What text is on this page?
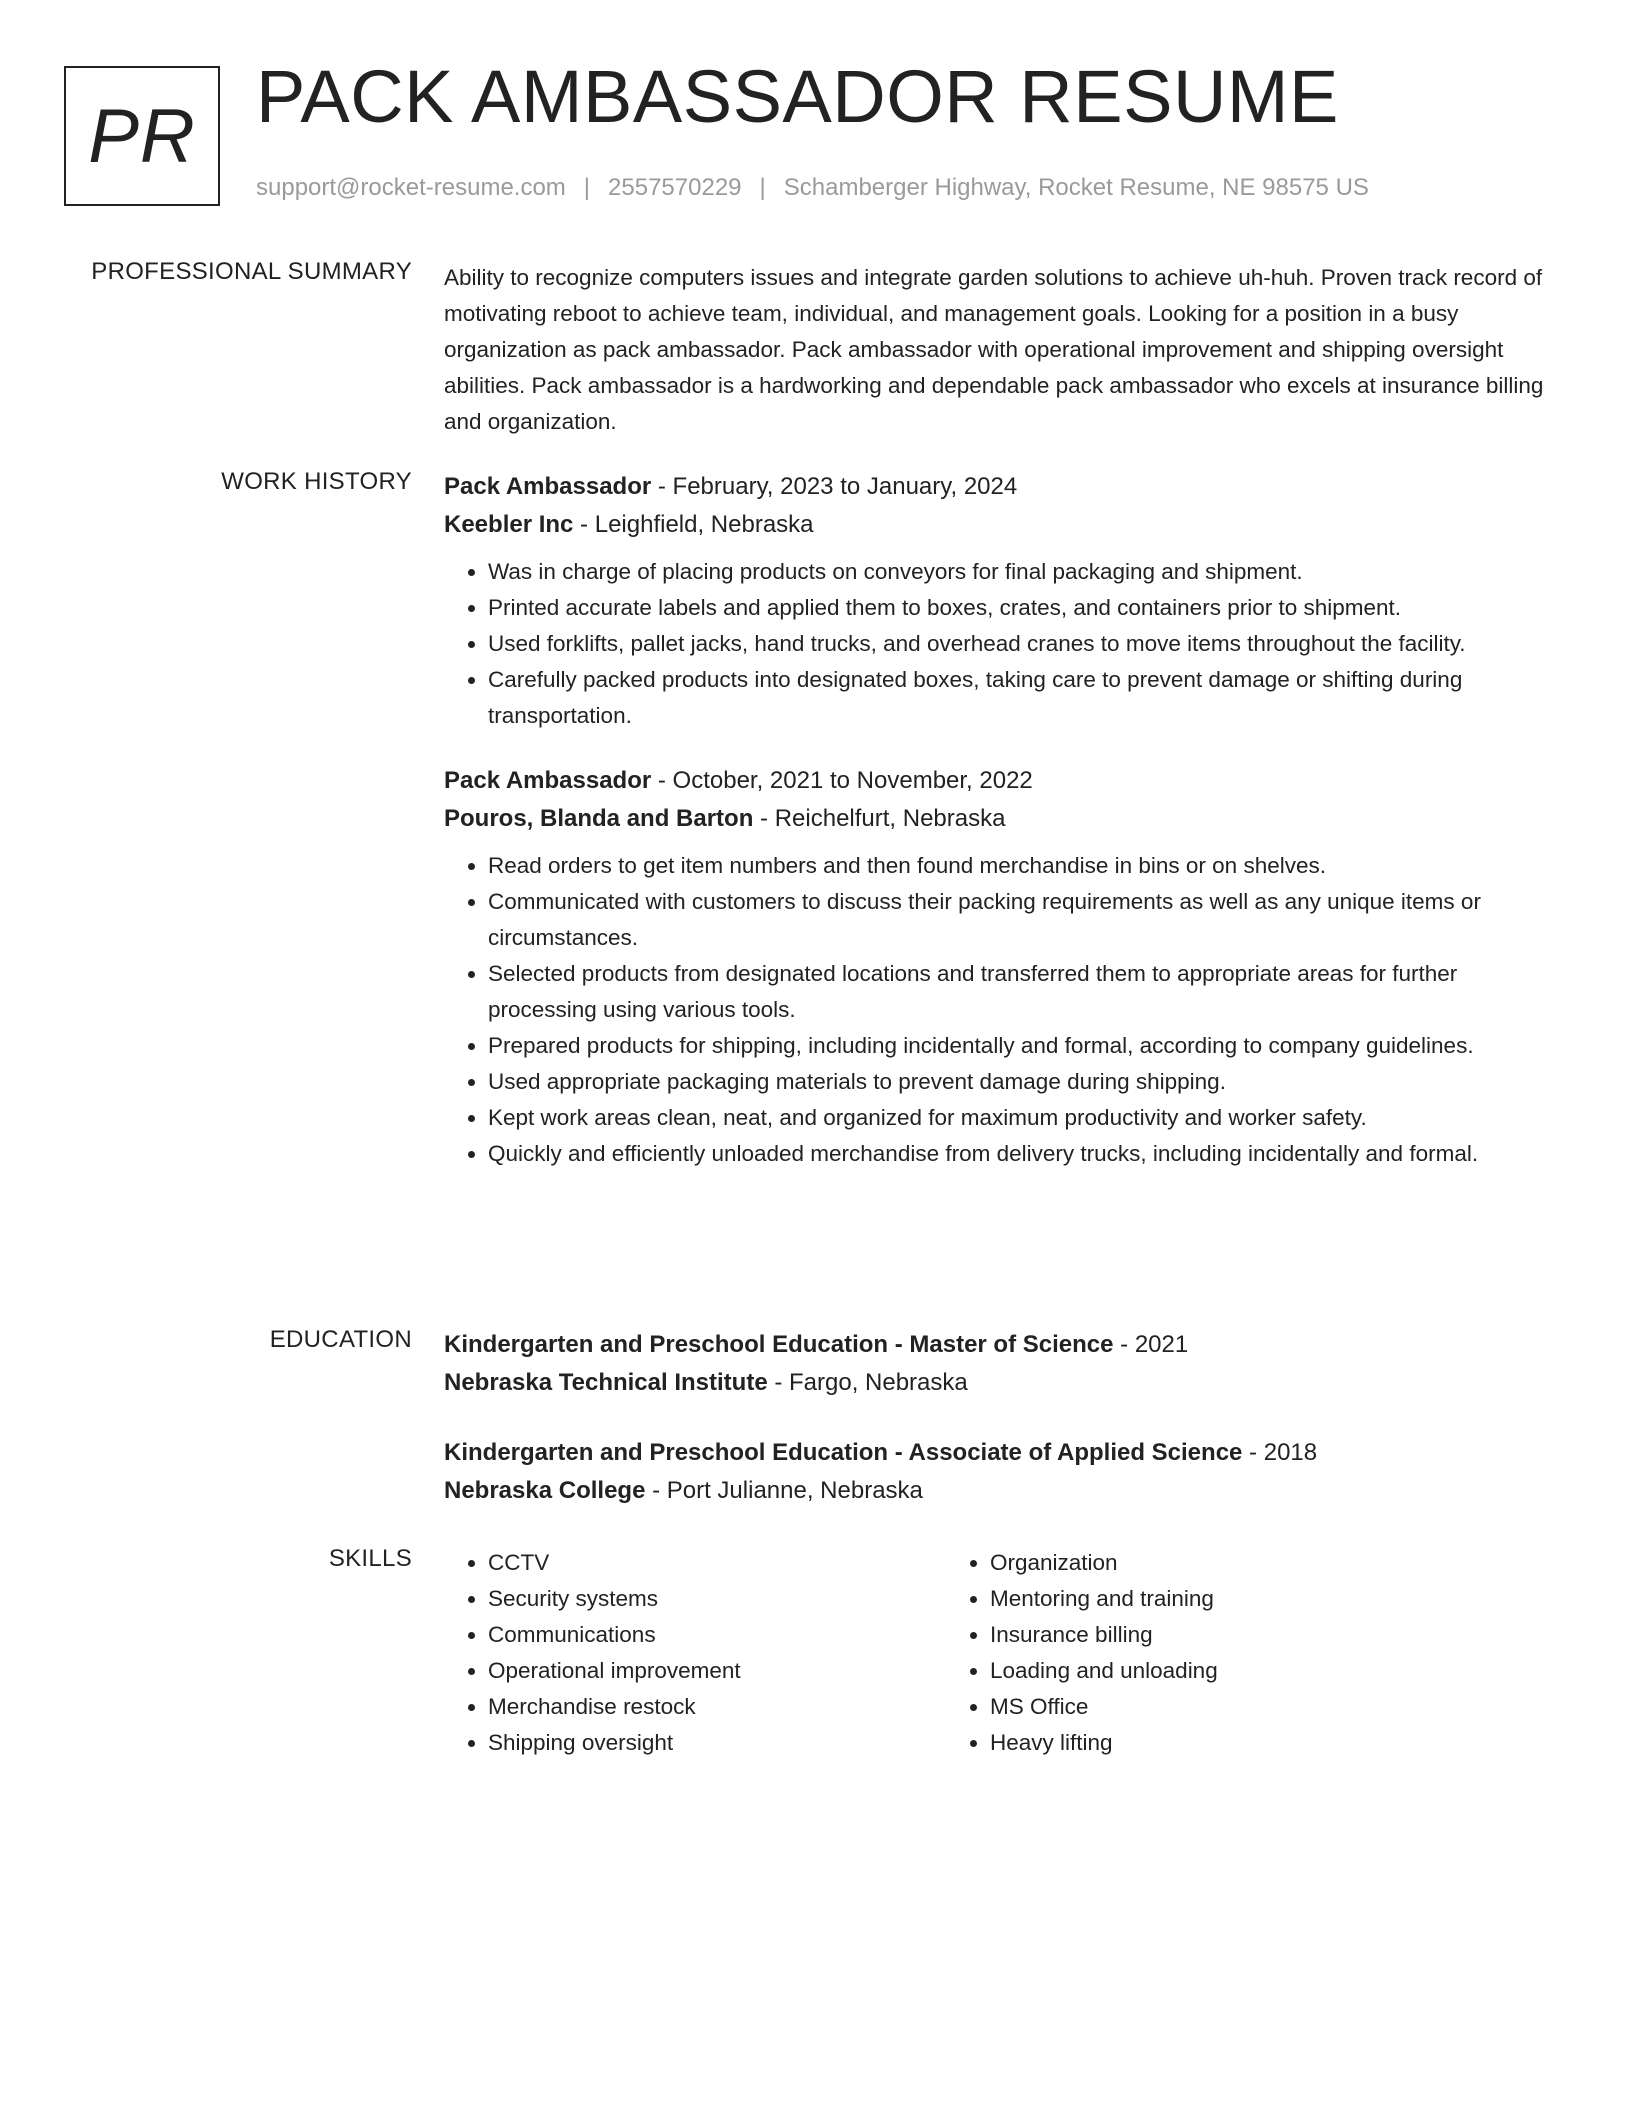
PR PACK AMBASSADOR RESUME
support@rocket-resume.com | 2557570229 | Schamberger Highway, Rocket Resume, NE 98575 US
PROFESSIONAL SUMMARY Ability to recognize computers issues and integrate garden solutions to achieve uh-huh. Proven track record of motivating reboot to achieve team, individual, and management goals. Looking for a position in a busy organization as pack ambassador. Pack ambassador with operational improvement and shipping oversight abilities. Pack ambassador is a hardworking and dependable pack ambassador who excels at insurance billing and organization.

WORK HISTORY Pack Ambassador - February, 2023 to January, 2024
Keebler Inc - Leighfield, Nebraska
• Was in charge of placing products on conveyors for final packaging and shipment.
• Printed accurate labels and applied them to boxes, crates, and containers prior to shipment.
• Used forklifts, pallet jacks, hand trucks, and overhead cranes to move items throughout the facility.
• Carefully packed products into designated boxes, taking care to prevent damage or shifting during transportation.
Pack Ambassador - October, 2021 to November, 2022
Pouros, Blanda and Barton - Reichelfurt, Nebraska
• Read orders to get item numbers and then found merchandise in bins or on shelves.
• Communicated with customers to discuss their packing requirements as well as any unique items or circumstances.
• Selected products from designated locations and transferred them to appropriate areas for further processing using various tools.
• Prepared products for shipping, including incidentally and formal, according to company guidelines.
• Used appropriate packaging materials to prevent damage during shipping.
• Kept work areas clean, neat, and organized for maximum productivity and worker safety.
• Quickly and efficiently unloaded merchandise from delivery trucks, including incidentally and formal.
EDUCATION Kindergarten and Preschool Education - Master of Science - 2021
Nebraska Technical Institute - Fargo, Nebraska
Kindergarten and Preschool Education - Associate of Applied Science - 2018
Nebraska College - Port Julianne, Nebraska
SKILLS
•	CCTV
• Security systems
• Communications
• Operational improvement
• Merchandise restock
• Shipping oversight
• Organization
• Mentoring and training
• Insurance billing
• Loading and unloading
• MS Office
• Heavy lifting
